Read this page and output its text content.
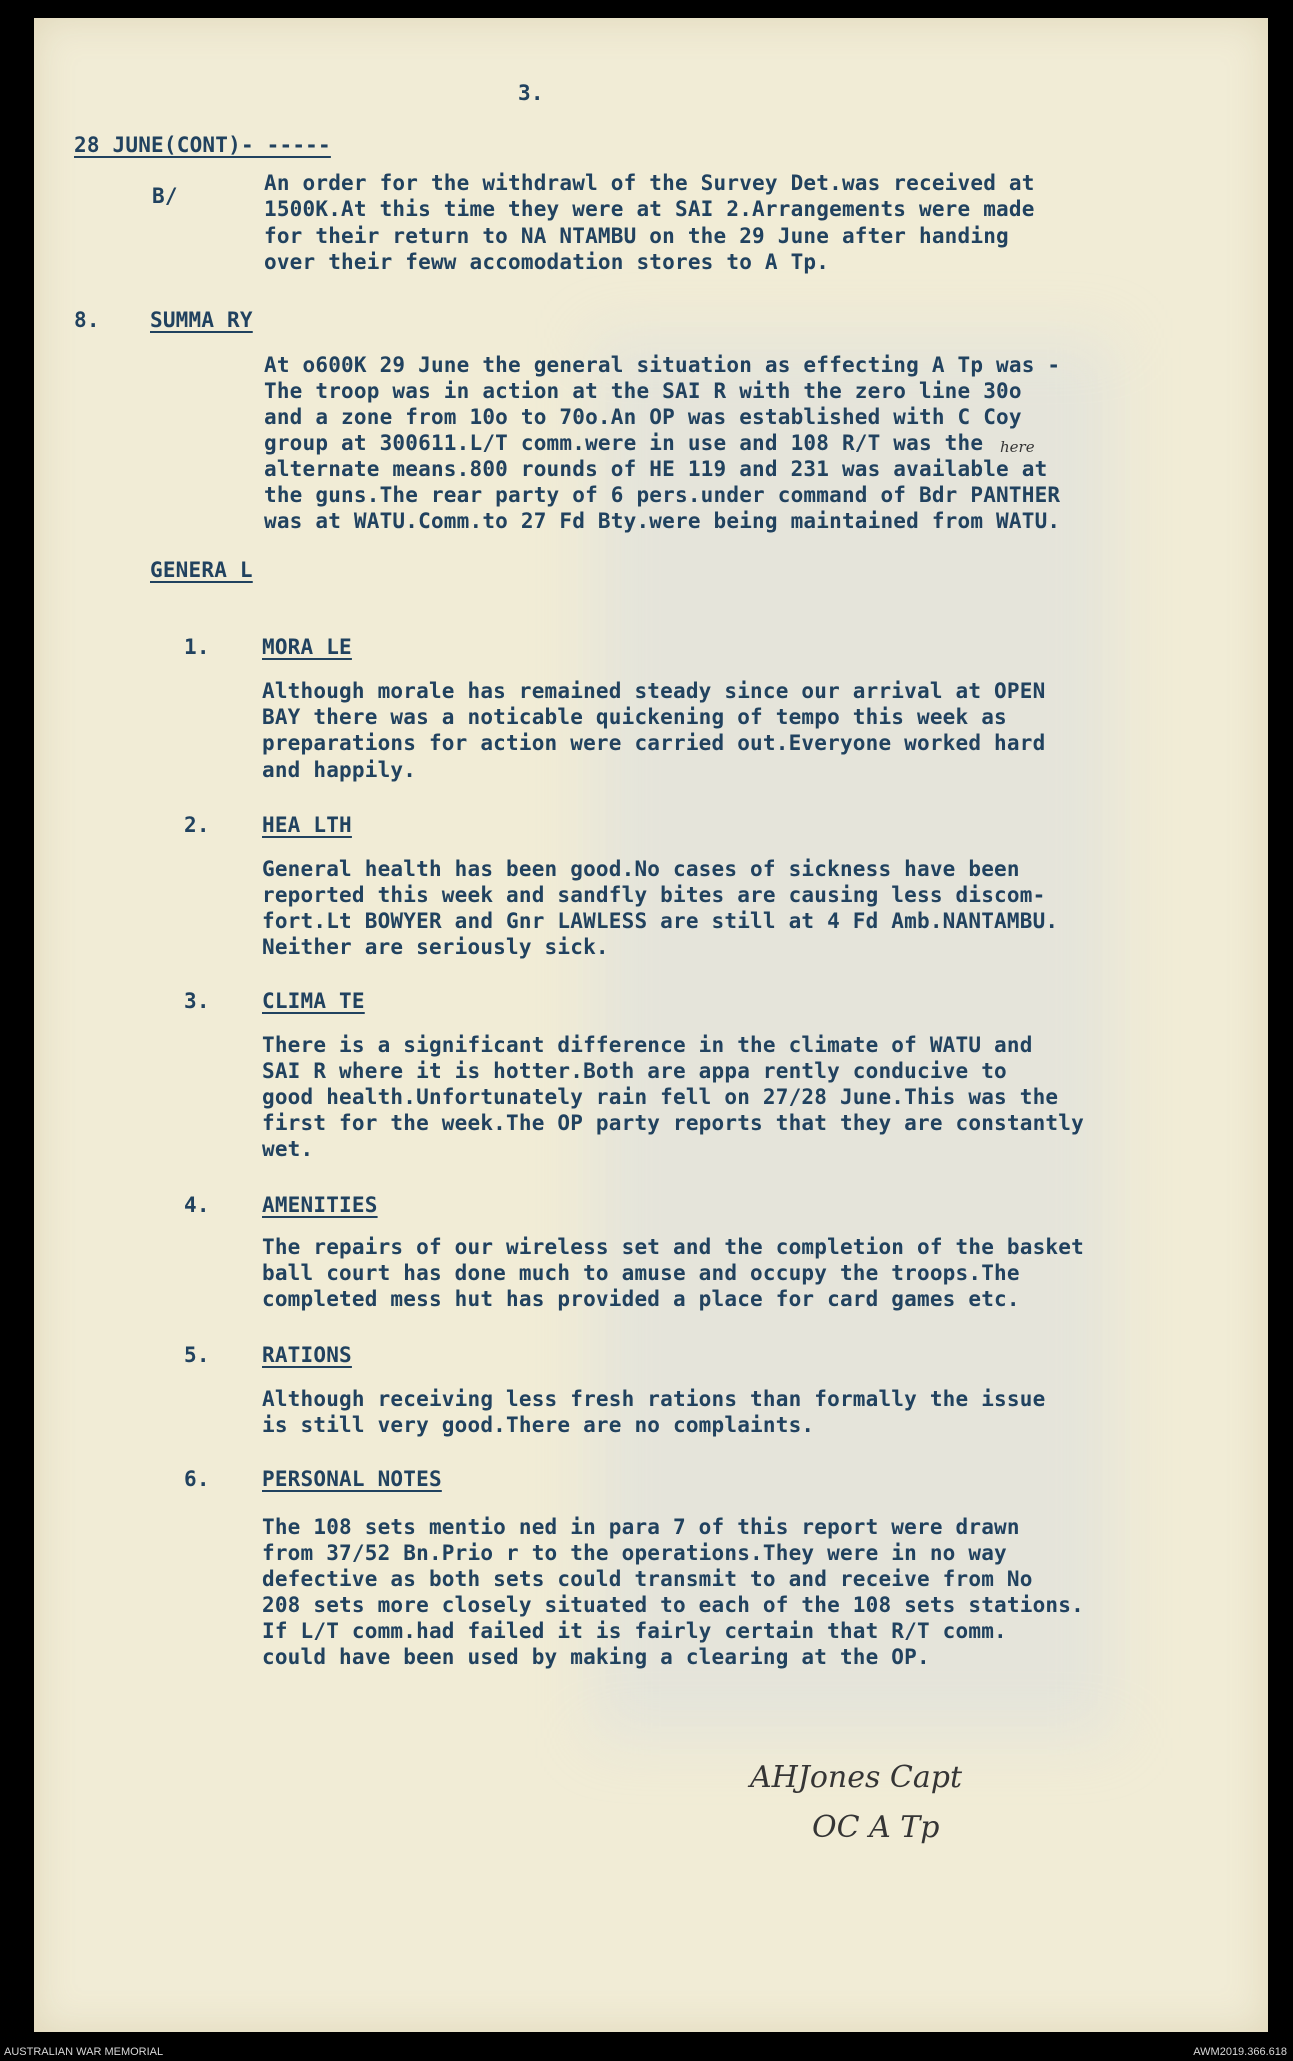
3.
28 JUNE(CONT)- -----
B/
An order for the withdrawl of the Survey Det.was received at
1500K.At this time they were at SAI 2.Arrangements were made
for their return to NA NTAMBU on the 29 June after handing
over their feww accomodation stores to A Tp.
8. SUMMA RY
here
At o600K 29 June the general situation as effecting A Tp was -
The troop was in action at the SAI R with the zero line 30o
and a zone from 10o to 70o.An OP was established with C Coy
group at 300611.L/T comm.were in use and 108 R/T was the
alternate means.800 rounds of HE 119 and 231 was available at
the guns.The rear party of 6 pers.under command of Bdr PANTHER
was at WATU.Comm.to 27 Fd Bty.were being maintained from WATU.
GENERA L
1. MORA LE
Although morale has remained steady since our arrival at OPEN
BAY there was a noticable quickening of tempo this week as
preparations for action were carried out.Everyone worked hard
and happily.
2. HEA LTH
General health has been good.No cases of sickness have been
reported this week and sandfly bites are causing less discom-
fort.Lt BOWYER and Gnr LAWLESS are still at 4 Fd Amb.NANTAMBU.
Neither are seriously sick.
3. CLIMA TE
There is a significant difference in the climate of WATU and
SAI R where it is hotter.Both are appa rently conducive to
good health.Unfortunately rain fell on 27/28 June.This was the
first for the week.The OP party reports that they are constantly
wet.
4. AMENITIES
The repairs of our wireless set and the completion of the basket
ball court has done much to amuse and occupy the troops.The
completed mess hut has provided a place for card games etc.
5. RATIONS
Although receiving less fresh rations than formally the issue
is still very good.There are no complaints.
6. PERSONAL NOTES
The 108 sets mentio ned in para 7 of this report were drawn
from 37/52 Bn.Prio r to the operations.They were in no way
defective as both sets could transmit to and receive from No
208 sets more closely situated to each of the 108 sets stations.
If L/T comm.had failed it is fairly certain that R/T comm.
could have been used by making a clearing at the OP.
AHJones Capt
OC A Tp
AUSTRALIAN WAR MEMORIAL	AWM2019.366.618
